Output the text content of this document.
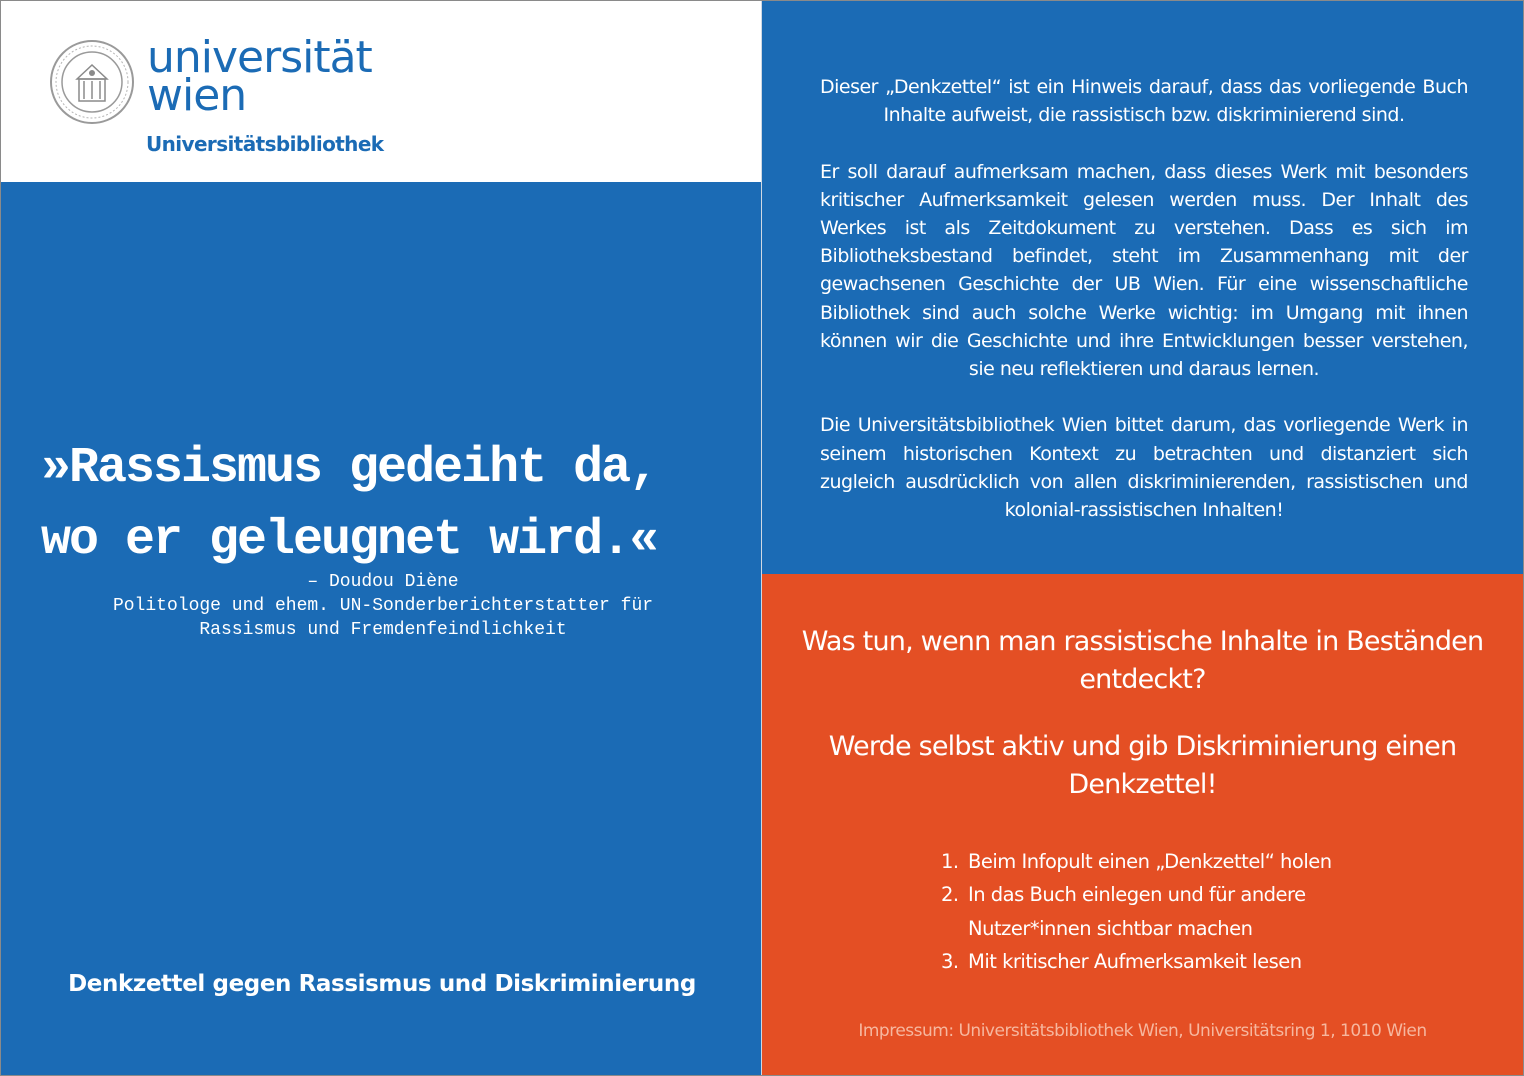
universität
wien
Universitätsbibliothek
»Rassismus gedeiht da,
wo er geleugnet wird.«
– Doudou Diène
Politologe und ehem. UN-Sonderberichterstatter für
Rassismus und Fremdenfeindlichkeit
Denkzettel gegen Rassismus und Diskriminierung

Dieser „Denkzettel“ ist ein Hinweis darauf, dass das vorliegende Buch Inhalte aufweist, die rassistisch bzw. diskriminierend sind.

Er soll darauf aufmerksam machen, dass dieses Werk mit besonders kritischer Aufmerksamkeit gelesen werden muss. Der Inhalt des Werkes ist als Zeitdokument zu verstehen. Dass es sich im Bibliotheksbestand befindet, steht im Zusammenhang mit der gewachsenen Geschichte der UB Wien. Für eine wissenschaftliche Bibliothek sind auch solche Werke wichtig: im Umgang mit ihnen können wir die Geschichte und ihre Entwicklungen besser verstehen, sie neu reflektieren und daraus lernen.

Die Universitätsbibliothek Wien bittet darum, das vorliegende Werk in seinem historischen Kontext zu betrachten und distanziert sich zugleich ausdrücklich von allen diskriminierenden, rassistischen und kolonial-rassistischen Inhalten!

Was tun, wenn man rassistische Inhalte in Beständen entdeckt?

Werde selbst aktiv und gib Diskriminierung einen Denkzettel!

1. Beim Infopult einen „Denkzettel“ holen
2. In das Buch einlegen und für andere Nutzer*innen sichtbar machen
3. Mit kritischer Aufmerksamkeit lesen
Impressum: Universitätsbibliothek Wien, Universitätsring 1, 1010 Wien
